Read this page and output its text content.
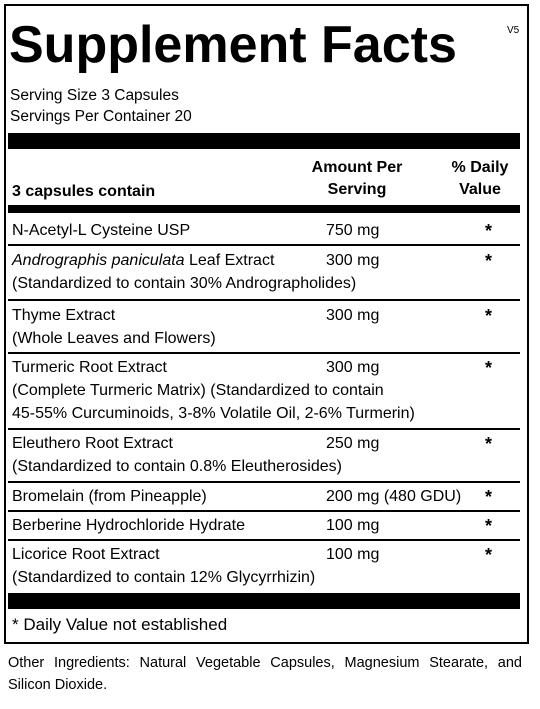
Supplement Facts	V5
Serving Size 3 Capsules
Servings Per Container 20
3 capsules contain
Amount Per
Serving
% Daily
Value
N-Acetyl-L Cysteine USP	750 mg	*
Andrographis paniculata Leaf Extract	300 mg	*
(Standardized to contain 30% Andrographolides)
Thyme Extract	300 mg	*
(Whole Leaves and Flowers)
Turmeric Root Extract	300 mg	*
(Complete Turmeric Matrix) (Standardized to contain
45-55% Curcuminoids, 3-8% Volatile Oil, 2-6% Turmerin)
Eleuthero Root Extract	250 mg	*
(Standardized to contain 0.8% Eleutherosides)
Bromelain (from Pineapple)	200 mg (480 GDU) *
Berberine Hydrochloride Hydrate	100 mg	*
Licorice Root Extract	100 mg	*
(Standardized to contain 12% Glycyrrhizin)
* Daily Value not established
Other Ingredients: Natural Vegetable Capsules, Magnesium Stearate, and Silicon Dioxide.
